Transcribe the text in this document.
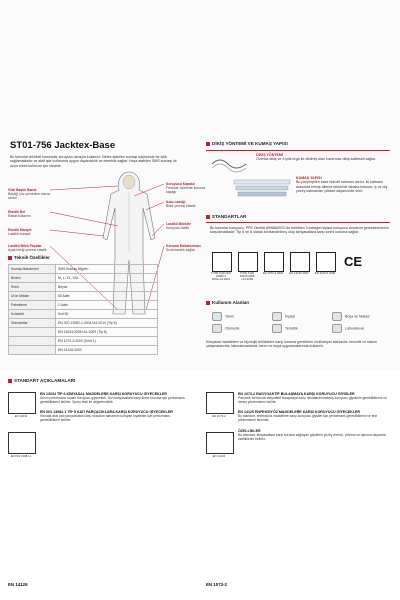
ST01-756 Jacktex-Base
Bu tulumlar tehlikeli kuruluklar koruyucu amaçla kullanılır. Nefes alabilen kumaşı sayesinde bir işlik sağlamaktadır ve aktif işte kullanıma uygun dayanıklılık ve esneklik sağlar. Hava alabilen SMS kumaşı ile uzun süreli kullanım için idealdir.
Gizli Başlık Bandı
Başlığı yüz çevresine sıkıca oturur
Elastik Bel
Rahat kullanım
Elastik Manşet
Lastikli manşet
Lastikli Bilek Paçalar
Ayak bileği çevresi elastik
Koruyucu Kapaklı
Fermuar üzerinde koruma kapağı
Kolu Lastiği
Bilek çevresi elastik
Lastikli Bilekler
Koruyucu lastik
Koruma Mekanizması
Sızdırmazlık sağlar
Teknik Özellikler
Kumaş Malzemesi	SMS Kumaş 55g/m²
Beden	M, L, XL, XXL
Renk	Beyaz
Ürün Miktarı	50 Adet
Paketleme	1 Adet
Koliadeti	Koli 50
Standartlar	EN ISO 13982-1:2004+A1:2010 (Tip 5)
	EN 13034:2005+A1:2009 (Tip 6)
	EN 1073-2:2002 (Sınıf 1)
	EN 14126:2003
DİKİŞ YÖNTEMİ VE KUMAŞ YAPISI
DİKİŞ YÖNTEMİ
Overlok dikiş ve 3 iplik örgü ile dikilmiş olan sızdırmaz dikiş kalitesini sağlar.
KUMAŞ YAPISI
Bu polipropilen bazlı hidrofil katmanı vardır, iki katmanı arasında erimiş üfleme tekstil bir tabaka bulunur, iç ve dış yüzey katmanları yüksek dayanıklılık verir.
STANDARTLAR
Bu tulumlar koruyucu, PPE Direktif 89/686/EEC’de belirtilen 3.kategori kişisel koruyucu donanım gereksinimlerini karşılamaktadır. Tip 5 ve 6 olarak sınıflandırılmış olup kimyasallara karşı sınırlı koruma sağlar.
CE
TYPE 5 EN ISO 13982-1 2004+A1:2010
TYPE 6 EN 13034:2005 +A1:2009
EN 1073-2 2002	EN 14126 2003	EN 1149-5 2008
Kullanım Alanları
Tarım	İnşaat	Boya ve Makas
Otomotiv	Temizlik	Laboratuvar
Kimyasal maddelere ve biyolojik tehlikelere karşı koruma gerektiren endüstriyel alanlarda, temizlik ve bakım çalışmalarında, laboratuvarlarda, tarım ve boya uygulamalarında kullanılır.
STANDART AÇIKLAMALARI
EN 13034
EN ISO 13982-1
EN 13034 TİP 6 KİMYASAL MADDELERE KARŞI KORUYUCU GİYECEKLER
Sınırlı performans sunan koruyucu giyecekler. Sıvı kimyasallara karşı kısmi koruma için performans gerekliliklerini belirler. Sprey testi ile değerlendirilir.
EN ISO 13982-1 TİP 5 KATI PARÇACIKLARA KARŞI KORUYUCU GİYECEKLER
Havada asılı katı parçacıklara karşı vücudun tamamını koruyan kıyafetler için performans gerekliliklerini belirler.
EN 14126
EN 1073-2
EN 14126
EN 1073-2 RADYOAKTİF BULAŞMAYA KARŞI KORUYUCU GİYSİLER
Parçacık formunda radyoaktif bulaşmaya karşı havalandırılmamış koruyucu giysilerin gerekliliklerini ve deney yöntemlerini belirtir.
EN 14126 ENFEKSİYÖZ MADDELERE KARŞI KORUYUCU GİYECEKLER
Bu standart, enfeksiyöz maddelere karşı koruyucu giysiler için performans gerekliliklerini ve test yöntemlerini tanımlar.
ÖZELLİKLER
Bu standart, kimyasallara karşı koruma sağlayan giysilerin yüzey direnci, yırtılma ve aşınma dayanımı özelliklerini belirler.
EN 1073-2
